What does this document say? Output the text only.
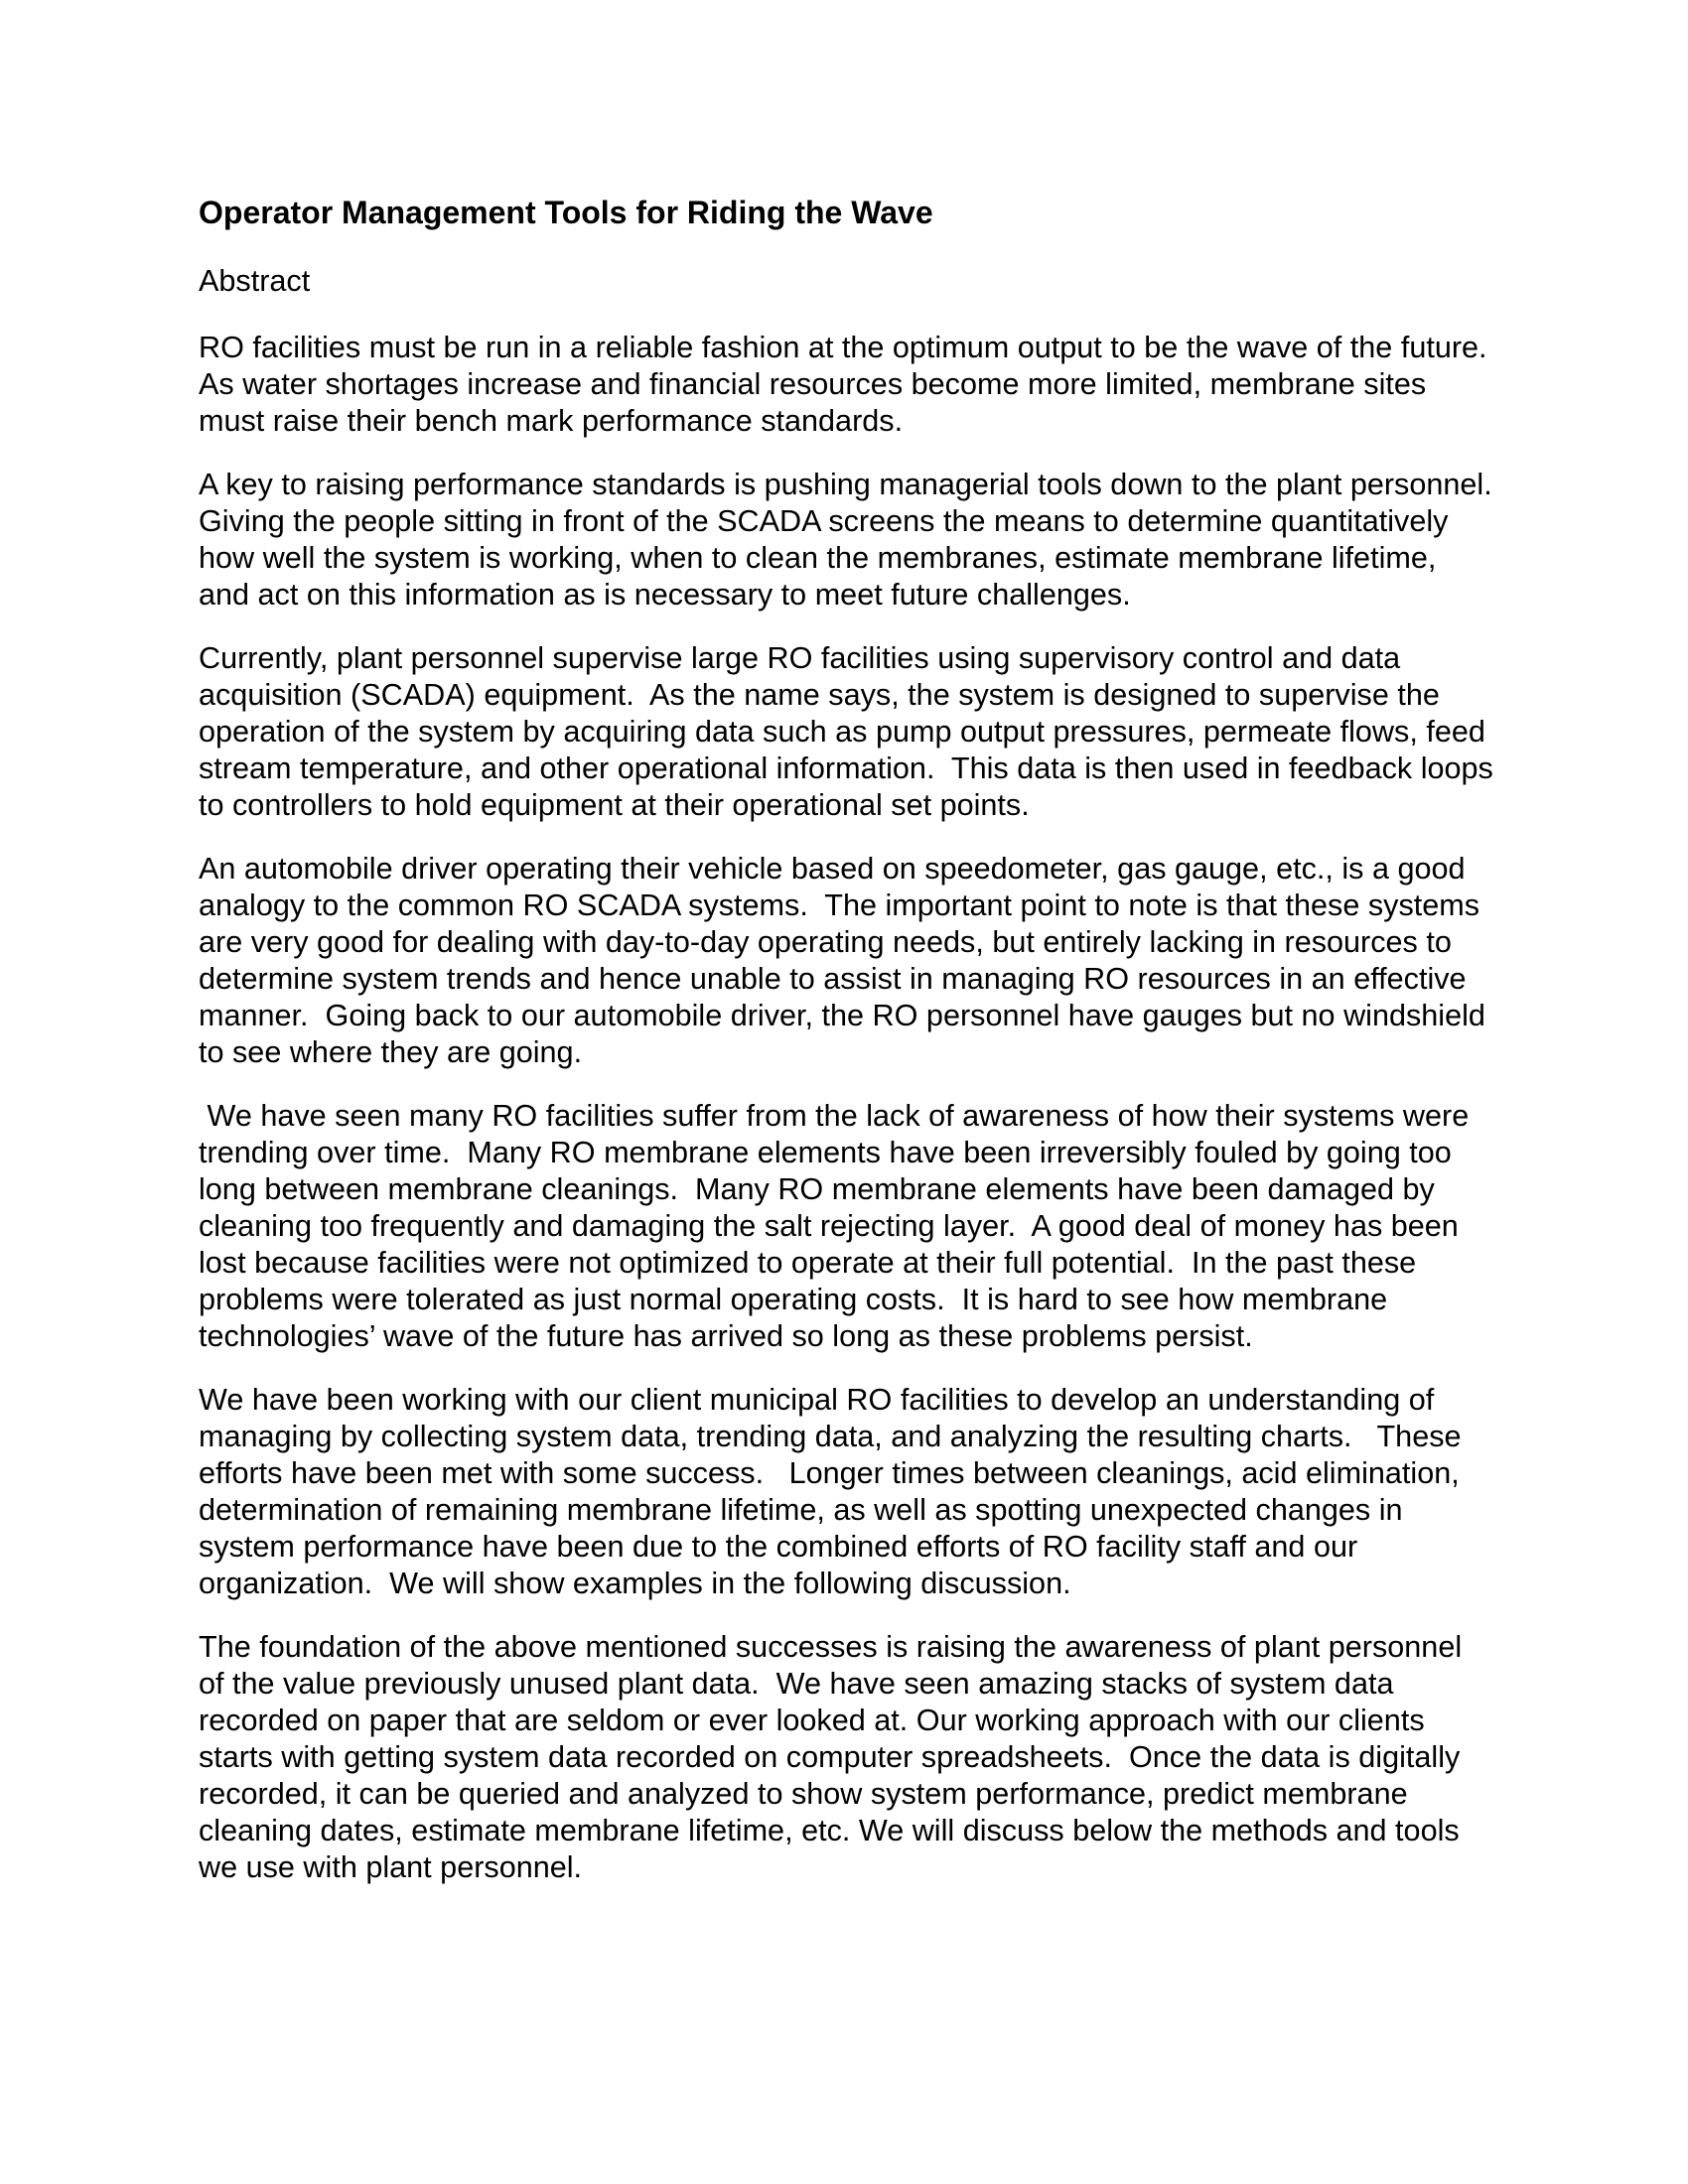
Operator Management Tools for Riding the Wave
Abstract

RO facilities must be run in a reliable fashion at the optimum output to be the wave of the future.  As water shortages increase and financial resources become more limited, membrane sites must raise their bench mark performance standards.

A key to raising performance standards is pushing managerial tools down to the plant personnel.  Giving the people sitting in front of the SCADA screens the means to determine quantitatively how well the system is working, when to clean the membranes, estimate membrane lifetime, and act on this information as is necessary to meet future challenges.

Currently, plant personnel supervise large RO facilities using supervisory control and data acquisition (SCADA) equipment.  As the name says, the system is designed to supervise the operation of the system by acquiring data such as pump output pressures, permeate flows, feed stream temperature, and other operational information.  This data is then used in feedback loops to controllers to hold equipment at their operational set points.

An automobile driver operating their vehicle based on speedometer, gas gauge, etc., is a good analogy to the common RO SCADA systems.  The important point to note is that these systems are very good for dealing with day-to-day operating needs, but entirely lacking in resources to determine system trends and hence unable to assist in managing RO resources in an effective manner.  Going back to our automobile driver, the RO personnel have gauges but no windshield to see where they are going.

We have seen many RO facilities suffer from the lack of awareness of how their systems were trending over time.  Many RO membrane elements have been irreversibly fouled by going too long between membrane cleanings.  Many RO membrane elements have been damaged by cleaning too frequently and damaging the salt rejecting layer.  A good deal of money has been lost because facilities were not optimized to operate at their full potential.  In the past these problems were tolerated as just normal operating costs.  It is hard to see how membrane technologies’ wave of the future has arrived so long as these problems persist.

We have been working with our client municipal RO facilities to develop an understanding of managing by collecting system data, trending data, and analyzing the resulting charts.   These efforts have been met with some success.   Longer times between cleanings, acid elimination, determination of remaining membrane lifetime, as well as spotting unexpected changes in system performance have been due to the combined efforts of RO facility staff and our organization.  We will show examples in the following discussion.

The foundation of the above mentioned successes is raising the awareness of plant personnel of the value previously unused plant data.  We have seen amazing stacks of system data recorded on paper that are seldom or ever looked at. Our working approach with our clients starts with getting system data recorded on computer spreadsheets.  Once the data is digitally recorded, it can be queried and analyzed to show system performance, predict membrane cleaning dates, estimate membrane lifetime, etc. We will discuss below the methods and tools we use with plant personnel.
